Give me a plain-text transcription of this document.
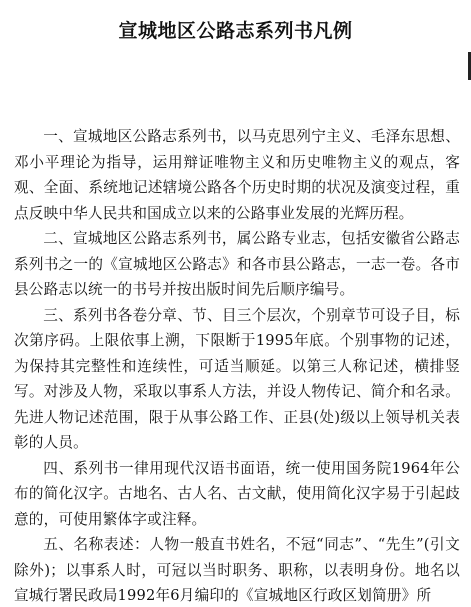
宣城地区公路志系列书凡例

一、宣城地区公路志系列书，以马克思列宁主义、毛泽东思想、邓小平理论为指导，运用辩证唯物主义和历史唯物主义的观点，客观、全面、系统地记述辖境公路各个历史时期的状况及演变过程，重点反映中华人民共和国成立以来的公路事业发展的光辉历程。

二、宣城地区公路志系列书，属公路专业志，包括安徽省公路志系列书之一的《宣城地区公路志》和各市县公路志，一志一卷。各市县公路志以统一的书号并按出版时间先后顺序编号。

三、系列书各卷分章、节、目三个层次，个别章节可设子目，标次第序码。上限依事上溯，下限断于1995年底。个别事物的记述，为保持其完整性和连续性，可适当顺延。以第三人称记述，横排竖写。对涉及人物，采取以事系人方法，并设人物传记、简介和名录。先进人物记述范围，限于从事公路工作、正县(处)级以上领导机关表彰的人员。

四、系列书一律用现代汉语书面语，统一使用国务院1964年公布的简化汉字。古地名、古人名、古文献，使用简化汉字易于引起歧意的，可使用繁体字或注释。

五、名称表述：人物一般直书姓名，不冠“同志”、“先生”(引文除外)；以事系人时，可冠以当时职务、职称，以表明身份。地名以宣城行署民政局1992年6月编印的《宣城地区行政区划简册》所
